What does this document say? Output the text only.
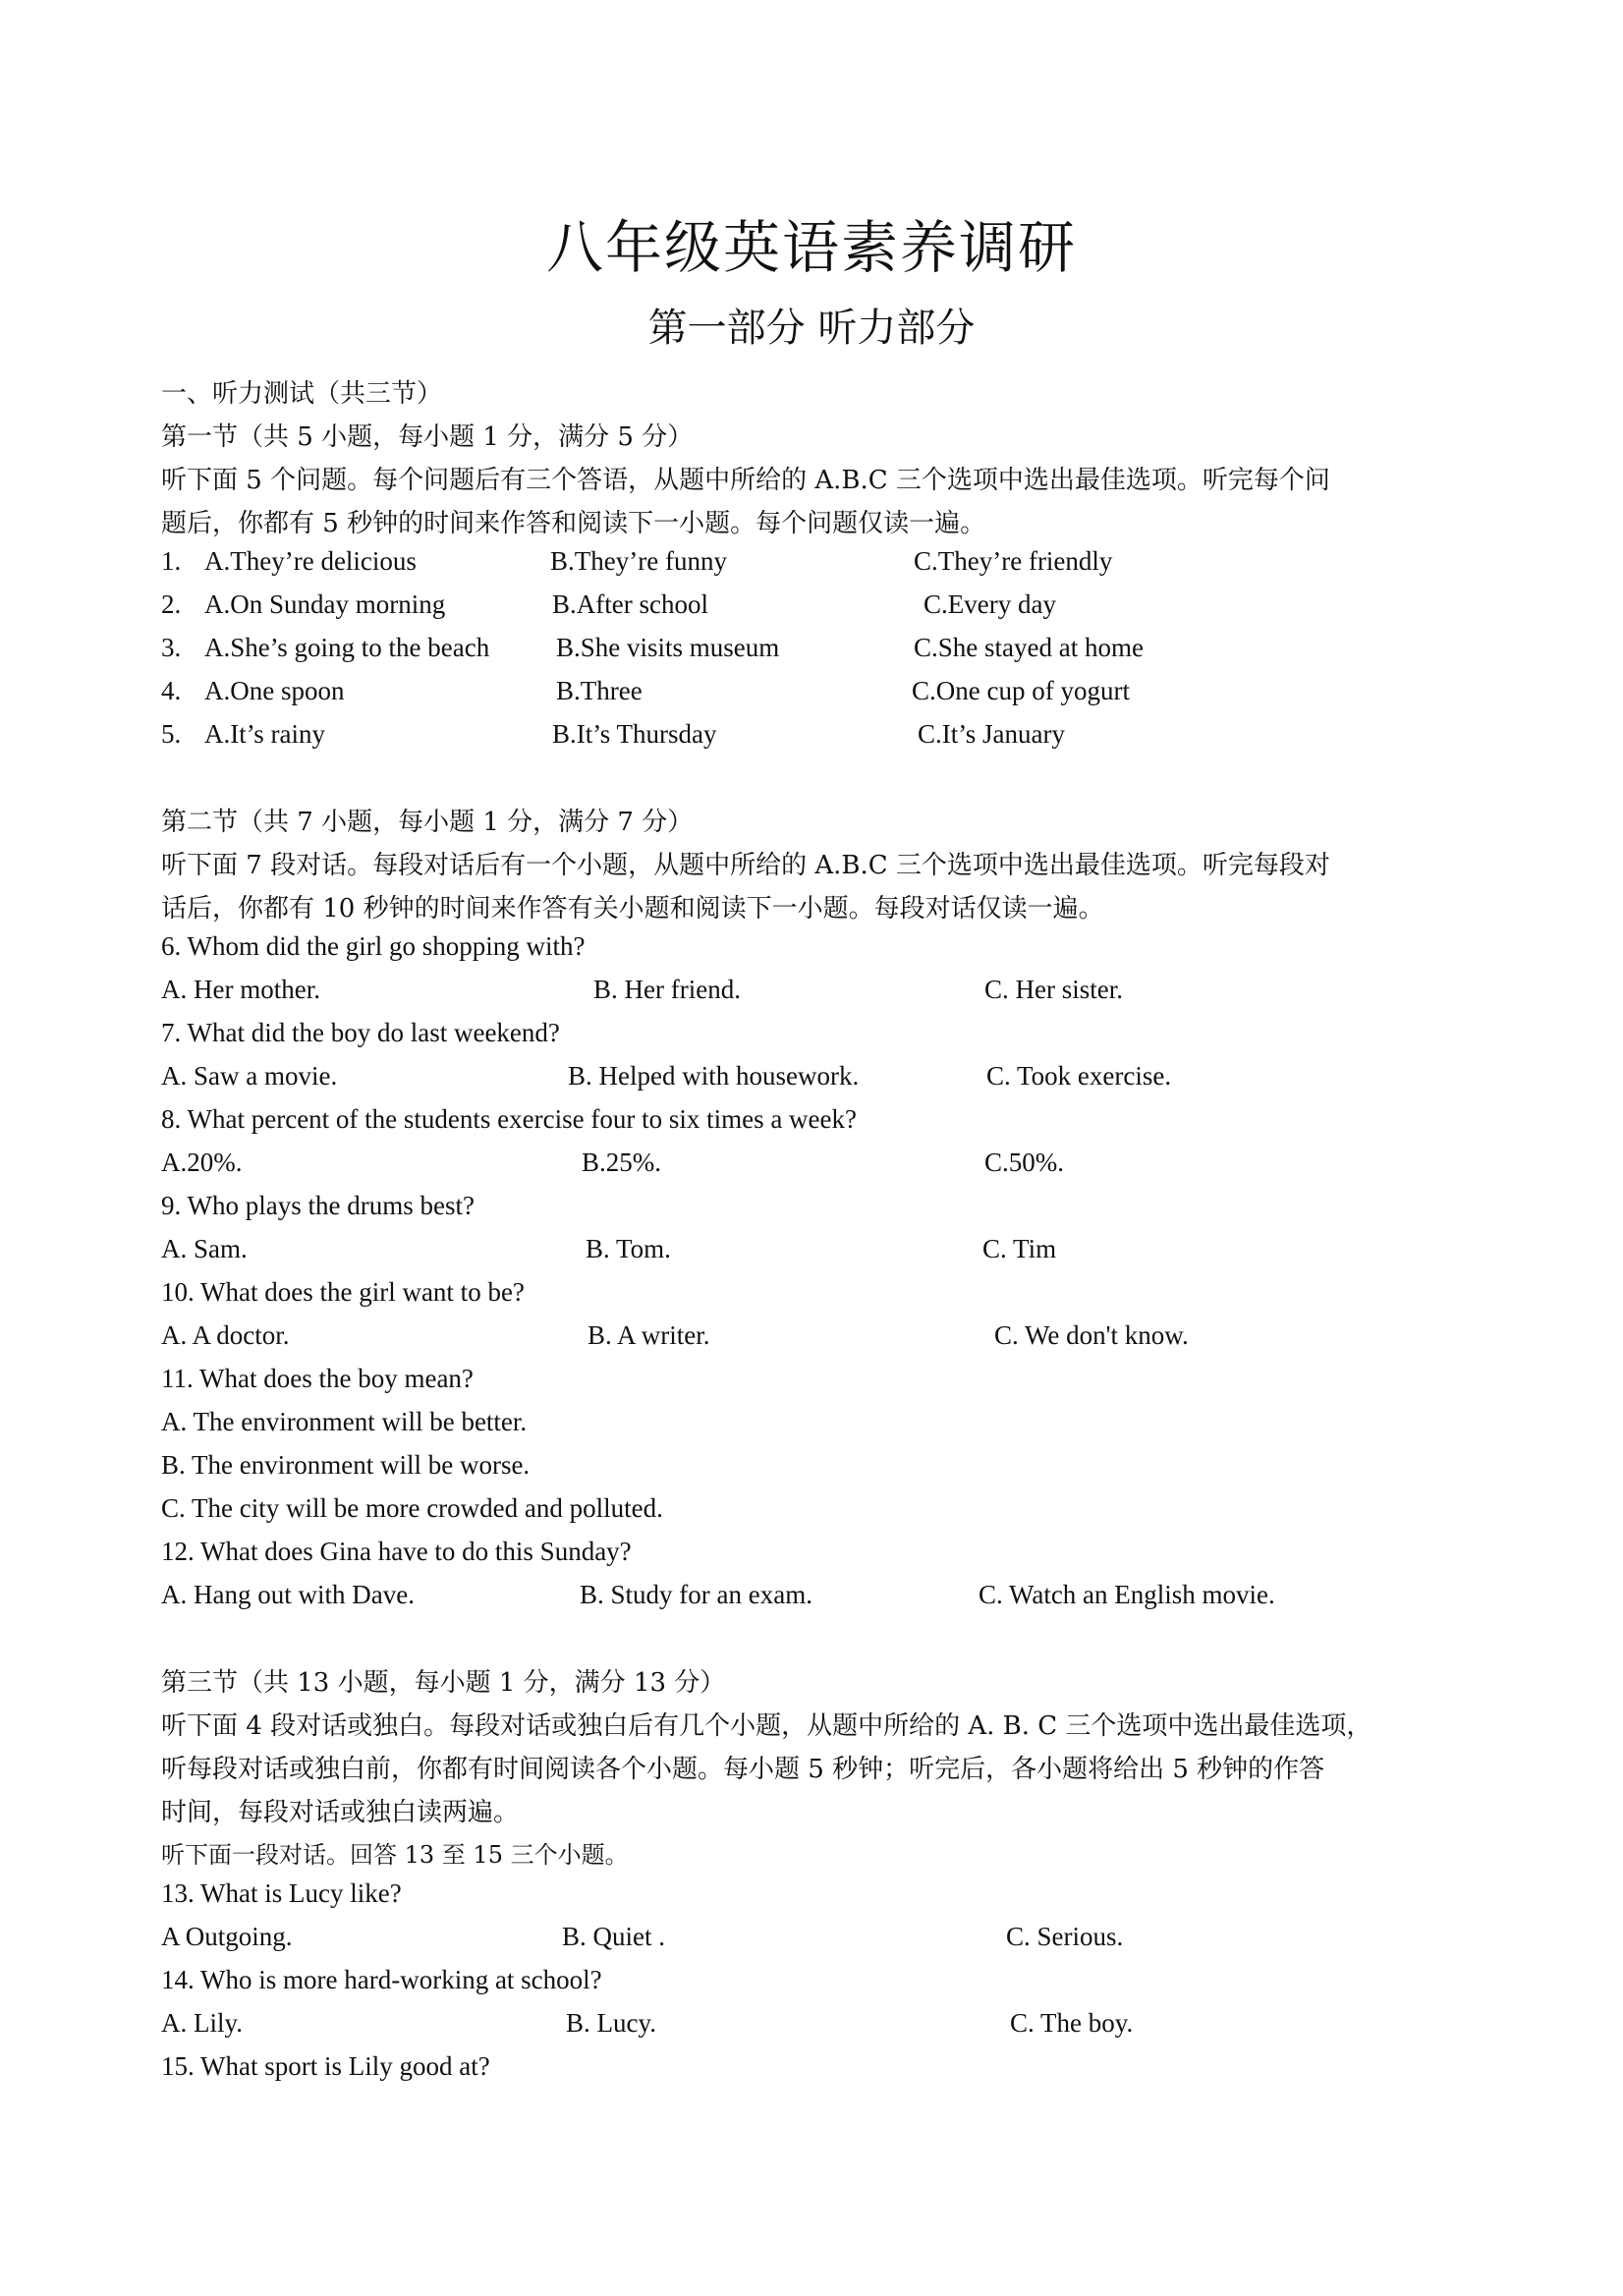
八年级英语素养调研
第一部分 听力部分
一、听力测试（共三节）
第一节（共 5 小题，每小题 1 分，满分 5 分）
听下面 5 个问题。每个问题后有三个答语，从题中所给的 A.B.C 三个选项中选出最佳选项。听完每个问
题后，你都有 5 秒钟的时间来作答和阅读下一小题。每个问题仅读一遍。
1. A.They’re delicious	B.They’re funny	C.They’re friendly
2. A.On Sunday morning	B.After school	C.Every day
3. A.She’s going to the beach	B.She visits museum	C.She stayed at home
4. A.One spoon	B.Three	C.One cup of yogurt
5. A.It’s rainy	B.It’s Thursday	C.It’s January
第二节（共 7 小题，每小题 1 分，满分 7 分）
听下面 7 段对话。每段对话后有一个小题，从题中所给的 A.B.C 三个选项中选出最佳选项。听完每段对
话后，你都有 10 秒钟的时间来作答有关小题和阅读下一小题。每段对话仅读一遍。
6. Whom did the girl go shopping with?
A. Her mother.	B. Her friend.	C. Her sister.
7. What did the boy do last weekend?
A. Saw a movie.	B. Helped with housework.	C. Took exercise.
8. What percent of the students exercise four to six times a week?
A.20%.	B.25%.	C.50%.
9. Who plays the drums best?
A. Sam.	B. Tom.	C. Tim
10. What does the girl want to be?
A. A doctor.	B. A writer.	C. We don't know.
11. What does the boy mean?
A. The environment will be better.
B. The environment will be worse.
C. The city will be more crowded and polluted.
12. What does Gina have to do this Sunday?
A. Hang out with Dave.	B. Study for an exam.	C. Watch an English movie.
第三节（共 13 小题，每小题 1 分，满分 13 分）
听下面 4 段对话或独白。每段对话或独白后有几个小题，从题中所给的 A. B. C 三个选项中选出最佳选项，
听每段对话或独白前，你都有时间阅读各个小题。每小题 5 秒钟；听完后，各小题将给出 5 秒钟的作答
时间，每段对话或独白读两遍。
听下面一段对话。回答 13 至 15 三个小题。
13. What is Lucy like?
A Outgoing.	B. Quiet .	C. Serious.
14. Who is more hard-working at school?
A. Lily.	B. Lucy.	C. The boy.
15. What sport is Lily good at?
